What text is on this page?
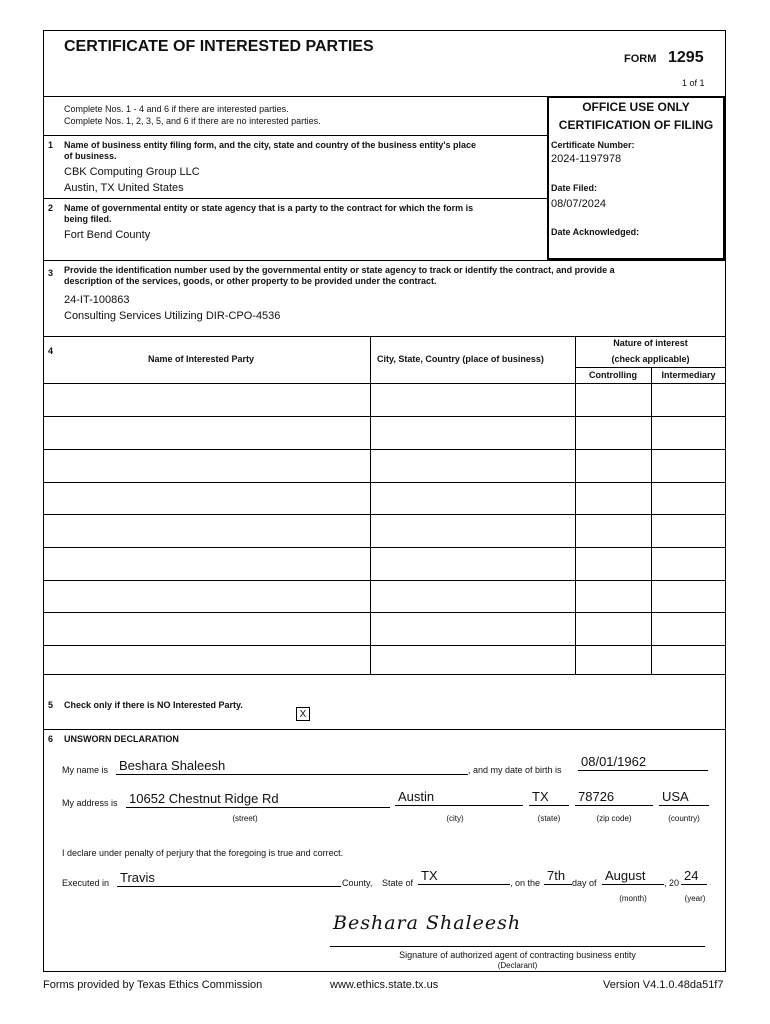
CERTIFICATE OF INTERESTED PARTIES
FORM 1295
1 of 1
Complete Nos. 1 - 4 and 6 if there are interested parties.
Complete Nos. 1, 2, 3, 5, and 6 if there are no interested parties.
OFFICE USE ONLY
CERTIFICATION OF FILING
Certificate Number:
2024-1197978
Date Filed:
08/07/2024
Date Acknowledged:
1 Name of business entity filing form, and the city, state and country of the business entity's place
of business.
CBK Computing Group LLC
Austin, TX United States
2 Name of governmental entity or state agency that is a party to the contract for which the form is
being filed.
Fort Bend County
3 Provide the identification number used by the governmental entity or state agency to track or identify the contract, and provide a
description of the services, goods, or other property to be provided under the contract.
24-IT-100863
Consulting Services Utilizing DIR-CPO-4536
4
Name of Interested Party	City, State, Country (place of business)
Nature of interest
(check applicable)
Controlling	Intermediary
5 Check only if there is NO Interested Party.
X
6 UNSWORN DECLARATION
My name is Beshara Shaleesh	, and my date of birth is
08/01/1962
My address is 10652 Chestnut Ridge Rd	Austin	TX	78726	USA
(street)	(city)	(state)	(zip code)	(country)
I declare under penalty of perjury that the foregoing is true and correct.
Executed in Travis	County, State of TX	, on the 7th day of August	, 20 24
(month)	(year)
Beshara Shaleesh
Signature of authorized agent of contracting business entity
(Declarant)
Forms provided by Texas Ethics Commission	www.ethics.state.tx.us	Version V4.1.0.48da51f7
